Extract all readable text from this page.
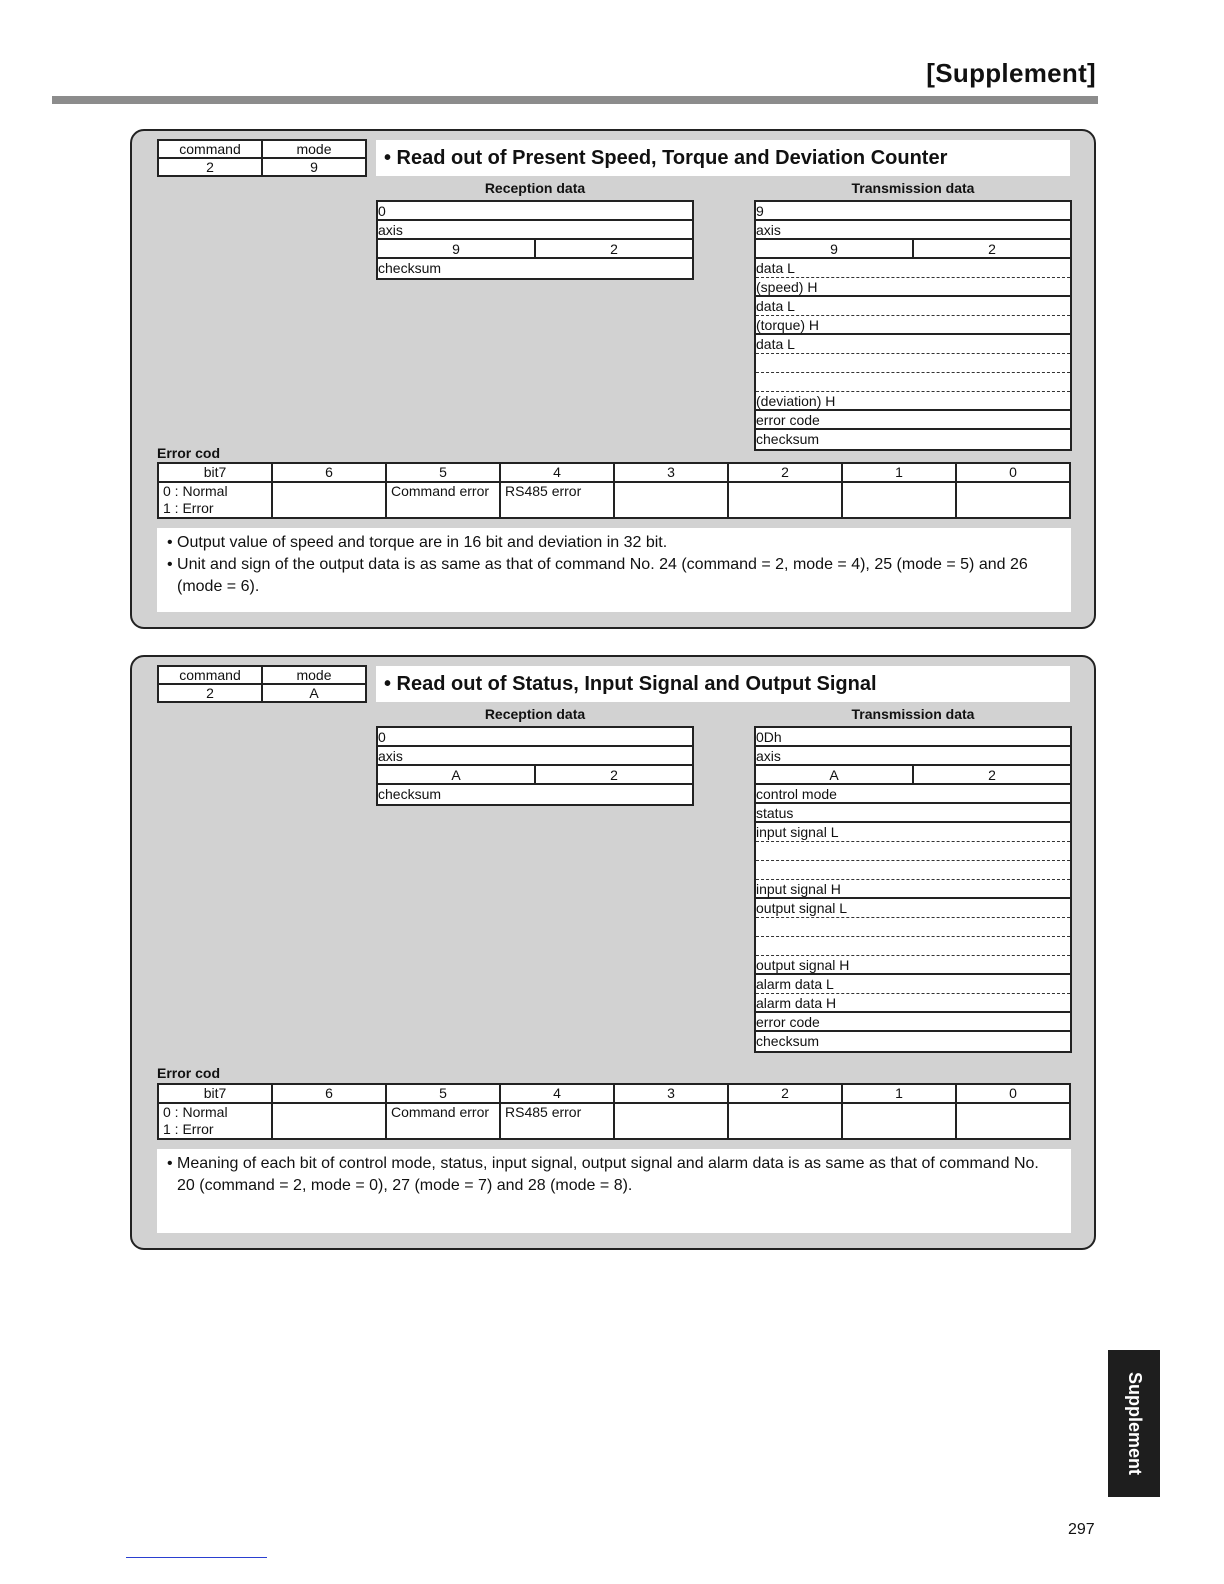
[Supplement]
command	mode
2	9	• Read out of Present Speed, Torque and Deviation Counter
Reception data	Transmission data
0
axis
9	2
checksum
9
axis
9	2
data L
(speed) H
data L
(torque) H
data L
(deviation) H
error code
checksum
Error cod
bit7	6	5	4	3	2	1	0

0 : Normal
1 : Error		Command error	RS485 error				

• Output value of speed and torque are in 16 bit and deviation in 32 bit.

• Unit and sign of the output data is as same as that of command No. 24 (command = 2, mode = 4), 25 (mode = 5) and 26 (mode = 6).

command	mode
2	A	• Read out of Status, Input Signal and Output Signal
Reception data	Transmission data
0
axis
A	2
checksum
0Dh
axis
A	2
control mode
status
input signal L
input signal H
output signal L
output signal H
alarm data L
alarm data H
error code
checksum
Error cod
bit7	6	5	4	3	2	1	0

0 : Normal
1 : Error		Command error	RS485 error				

• Meaning of each bit of control mode, status, input signal, output signal and alarm data is as same as that of command No. 20 (command = 2, mode = 0), 27 (mode = 7) and 28 (mode = 8).

Supplement
297
